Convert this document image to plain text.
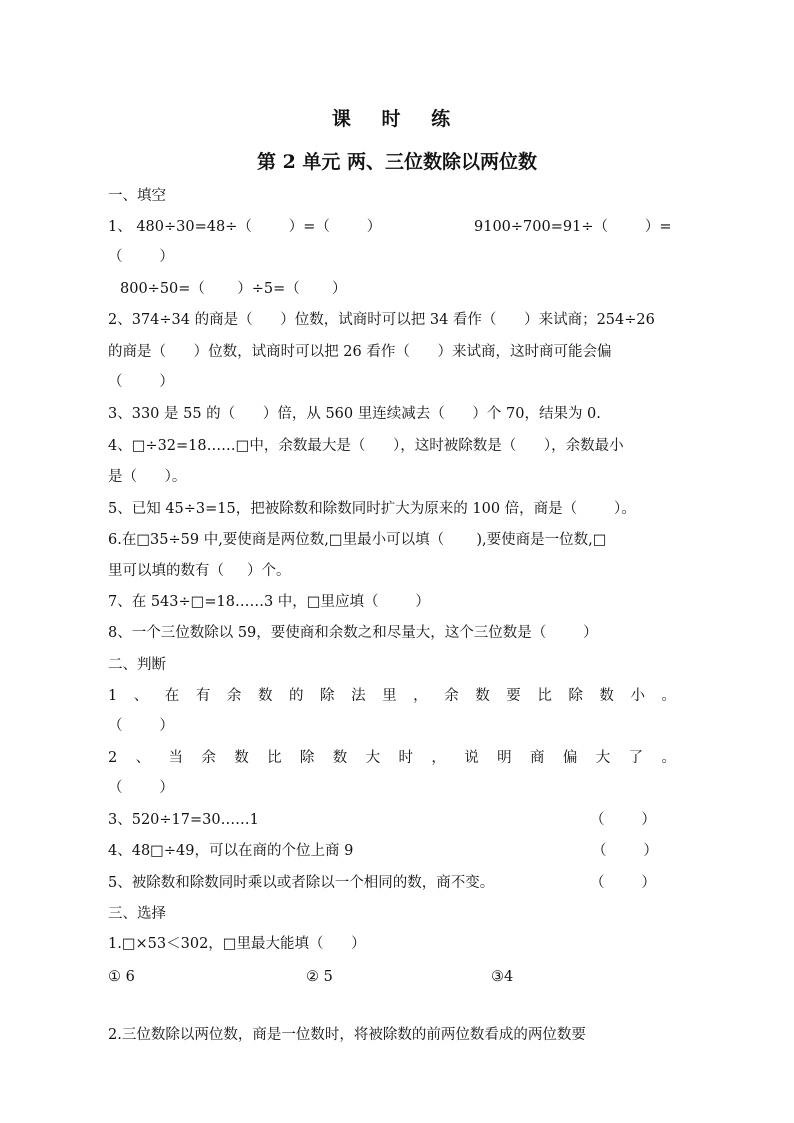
课 时 练
第 2 单元 两、三位数除以两位数
一、填空
1、 480÷30=48÷（        ）=（        ）	9100÷700=91÷（        ）=
（        ）
800÷50=（       ）÷5=（       ）
2、374÷34 的商是（      ）位数，试商时可以把 34 看作（      ）来试商；254÷26
的商是（      ）位数，试商时可以把 26 看作（      ）来试商，这时商可能会偏
（        ）
3、330 是 55 的（      ）倍，从 560 里连续减去（      ）个 70，结果为 0.
4、□÷32=18……□中，余数最大是（      ），这时被除数是（      ），余数最小
是（      ）。
5、已知 45÷3=15，把被除数和除数同时扩大为原来的 100 倍，商是（        ）。
6.在□35÷59 中,要使商是两位数,□里最小可以填（       ),要使商是一位数,□
里可以填的数有（     ）个。
7、在 543÷□=18……3 中，□里应填（        ）
8、一个三位数除以 59，要使商和余数之和尽量大，这个三位数是（        ）
二、判断
1、在有余数的除法里，余数要比除数小。
（        ）
2、当余数比除数大时，说明商偏大了。
（        ）
3、520÷17=30……1	（        ）
4、48□÷49，可以在商的个位上商 9	（        ）
5、被除数和除数同时乘以或者除以一个相同的数，商不变。	（        ）
三、选择
1.□×53＜302，□里最大能填（      ）
① 6	② 5	③4
2.三位数除以两位数，商是一位数时，将被除数的前两位数看成的两位数要
